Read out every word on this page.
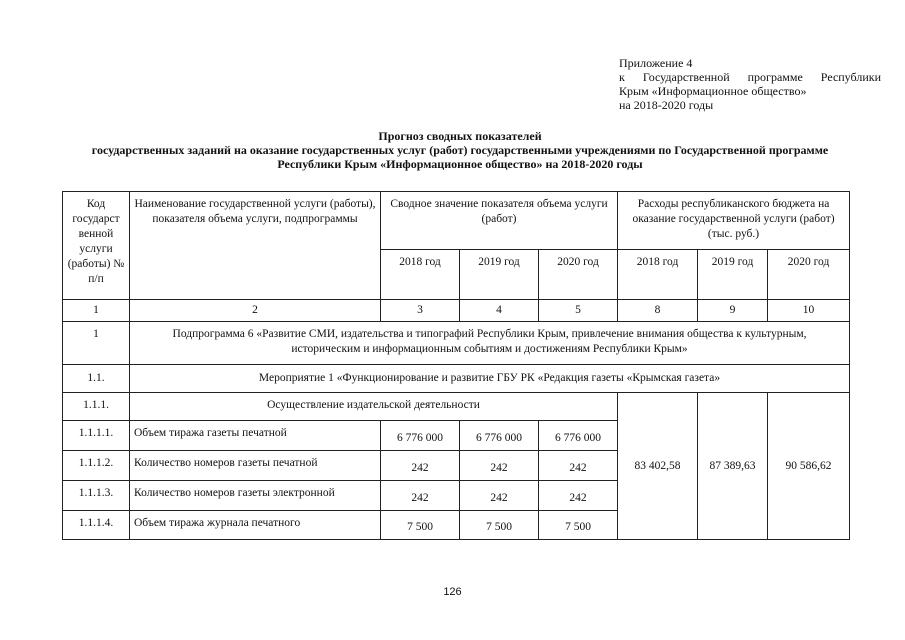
Приложение 4
к Государственной программе Республики
Крым «Информационное общество»
на 2018-2020 годы
Прогноз сводных показателей
государственных заданий на оказание государственных услуг (работ) государственными учреждениями по Государственной программе
Республики Крым «Информационное общество» на 2018-2020 годы
Код государст венной услуги (работы) № п/п	Наименование государственной услуги (работы), показателя объема услуги, подпрограммы	Сводное значение показателя объема услуги (работ)			Расходы республиканского бюджета на оказание государственной услуги (работ) (тыс. руб.)		
		2018 год	2019 год	2020 год	2018 год	2019 год	2020 год
1	2	3	4	5	8	9	10
1	Подпрограмма 6 «Развитие СМИ, издательства и типографий Республики Крым, привлечение внимания общества к культурным, историческим и информационным событиям и достижениям Республики Крым»						
1.1.	Мероприятие 1 «Функционирование и развитие ГБУ РК «Редакция газеты «Крымская газета»						
1.1.1.	Осуществление издательской деятельности				83 402,58	87 389,63	90 586,62
1.1.1.1.	Объем тиража газеты печатной	6 776 000	6 776 000	6 776 000			
1.1.1.2.	Количество номеров газеты печатной	242	242	242			
1.1.1.3.	Количество номеров газеты электронной	242	242	242			
1.1.1.4.	Объем тиража журнала печатного	7 500	7 500	7 500			
126
